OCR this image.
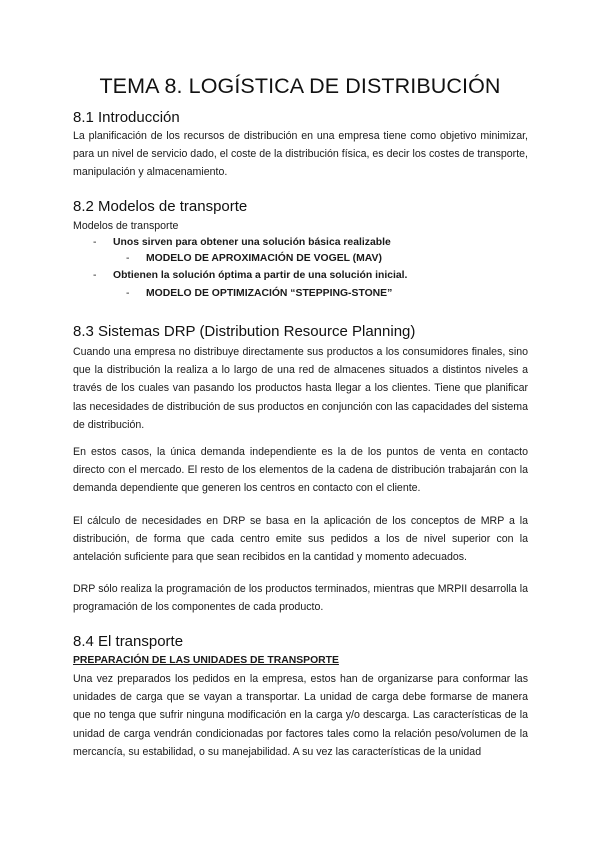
TEMA 8. LOGÍSTICA DE DISTRIBUCIÓN
8.1 Introducción

La planificación de los recursos de distribución en una empresa tiene como objetivo minimizar, para un nivel de servicio dado, el coste de la distribución física, es decir los costes de transporte, manipulación y almacenamiento.

8.2 Modelos de transporte
Modelos de transporte
- Unos sirven para obtener una solución básica realizable
- MODELO DE APROXIMACIÓN DE VOGEL (MAV)
- Obtienen la solución óptima a partir de una solución inicial.
- MODELO DE OPTIMIZACIÓN “STEPPING-STONE”
8.3 Sistemas DRP (Distribution Resource Planning)

Cuando una empresa no distribuye directamente sus productos a los consumidores finales, sino que la distribución la realiza a lo largo de una red de almacenes situados a distintos niveles a través de los cuales van pasando los productos hasta llegar a los clientes. Tiene que planificar las necesidades de distribución de sus productos en conjunción con las capacidades del sistema de distribución.

En estos casos, la única demanda independiente es la de los puntos de venta en contacto directo con el mercado. El resto de los elementos de la cadena de distribución trabajarán con la demanda dependiente que generen los centros en contacto con el cliente.

El cálculo de necesidades en DRP se basa en la aplicación de los conceptos de MRP a la distribución, de forma que cada centro emite sus pedidos a los de nivel superior con la antelación suficiente para que sean recibidos en la cantidad y momento adecuados.

DRP sólo realiza la programación de los productos terminados, mientras que MRPII desarrolla la programación de los componentes de cada producto.

8.4 El transporte
PREPARACIÓN DE LAS UNIDADES DE TRANSPORTE

Una vez preparados los pedidos en la empresa, estos han de organizarse para conformar las unidades de carga que se vayan a transportar. La unidad de carga debe formarse de manera que no tenga que sufrir ninguna modificación en la carga y/o descarga. Las características de la unidad de carga vendrán condicionadas por factores tales como la relación peso/volumen de la mercancía, su estabilidad, o su manejabilidad. A su vez las características de la unidad
